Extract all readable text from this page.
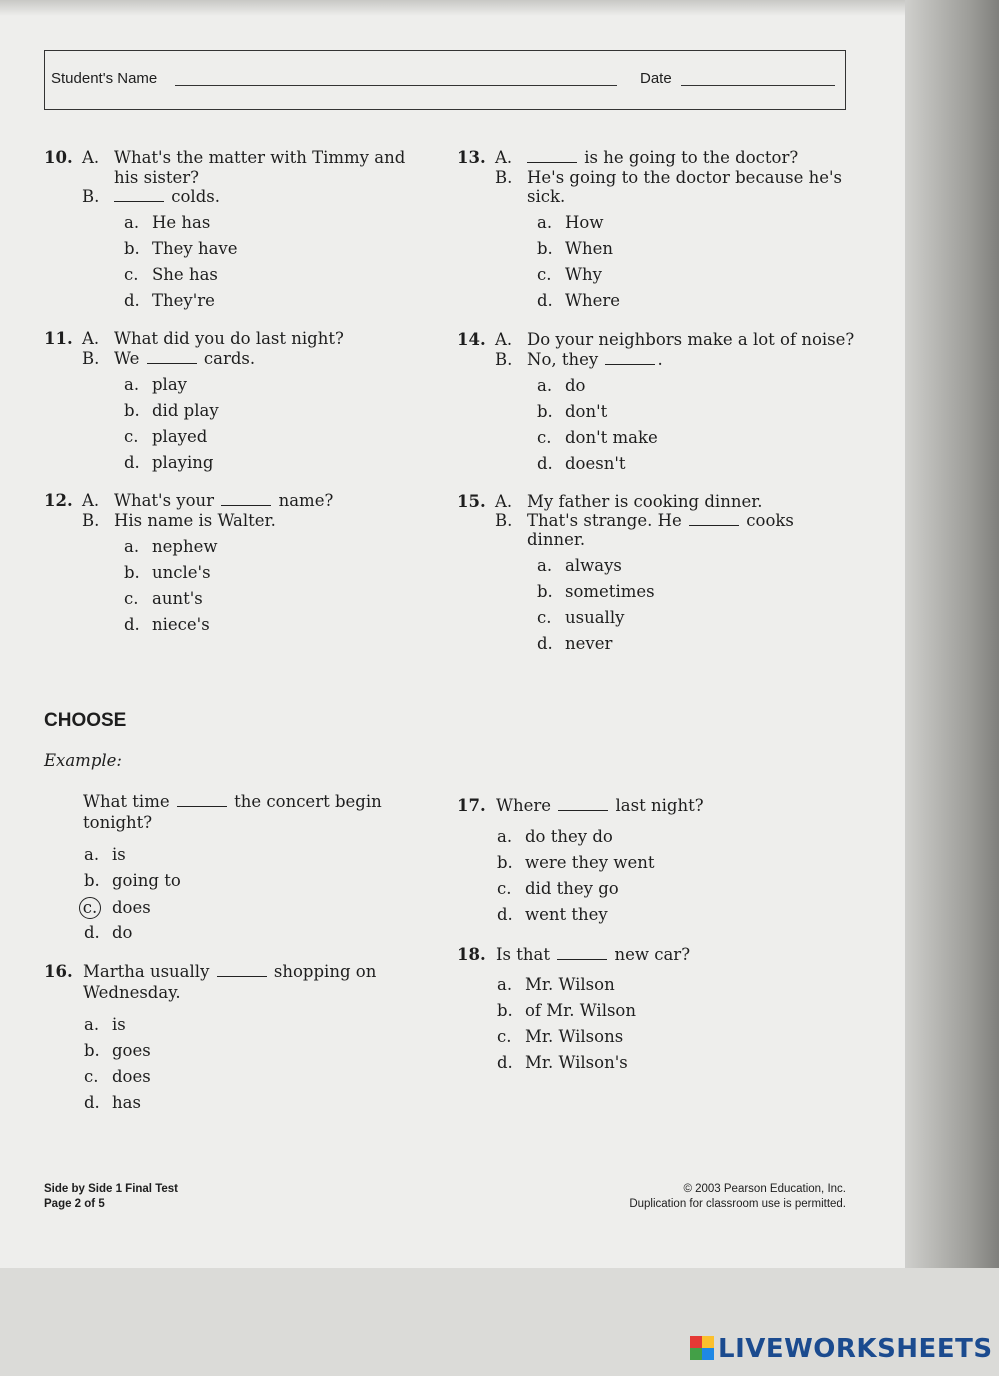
Student's Name	Date
10. A. What's the matter with Timmy and
his sister?
B.	colds.
a. He has
b. They have
c. She has
d. They're
11. A. What did you do last night?
B. We	cards.
a. play
b. did play
c. played
d. playing
12. A. What's your	name?
B. His name is Walter.
a. nephew
b. uncle's
c. aunt's
d. niece's
13. A.	is he going to the doctor?
B. He's going to the doctor because he's
sick.
a. How
b. When
c. Why
d. Where
14. A. Do your neighbors make a lot of noise?
B. No, they	.
a. do
b. don't
c. don't make
d. doesn't
15. A. My father is cooking dinner.
B. That's strange. He	cooks
dinner.
a. always
b. sometimes
c. usually
d. never
CHOOSE
Example:
What time	the concert begin
tonight?
a. is
b. going to
c. does
d. do
16. Martha usually	shopping on
Wednesday.
a. is
b. goes
c. does
d. has
17. Where	last night?
a. do they do
b. were they went
c. did they go
d. went they
18. Is that	new car?
a. Mr. Wilson
b. of Mr. Wilson
c. Mr. Wilsons
d. Mr. Wilson's
Side by Side 1 Final Test
Page 2 of 5
© 2003 Pearson Education, Inc.
Duplication for classroom use is permitted.
LIVEWORKSHEETS
